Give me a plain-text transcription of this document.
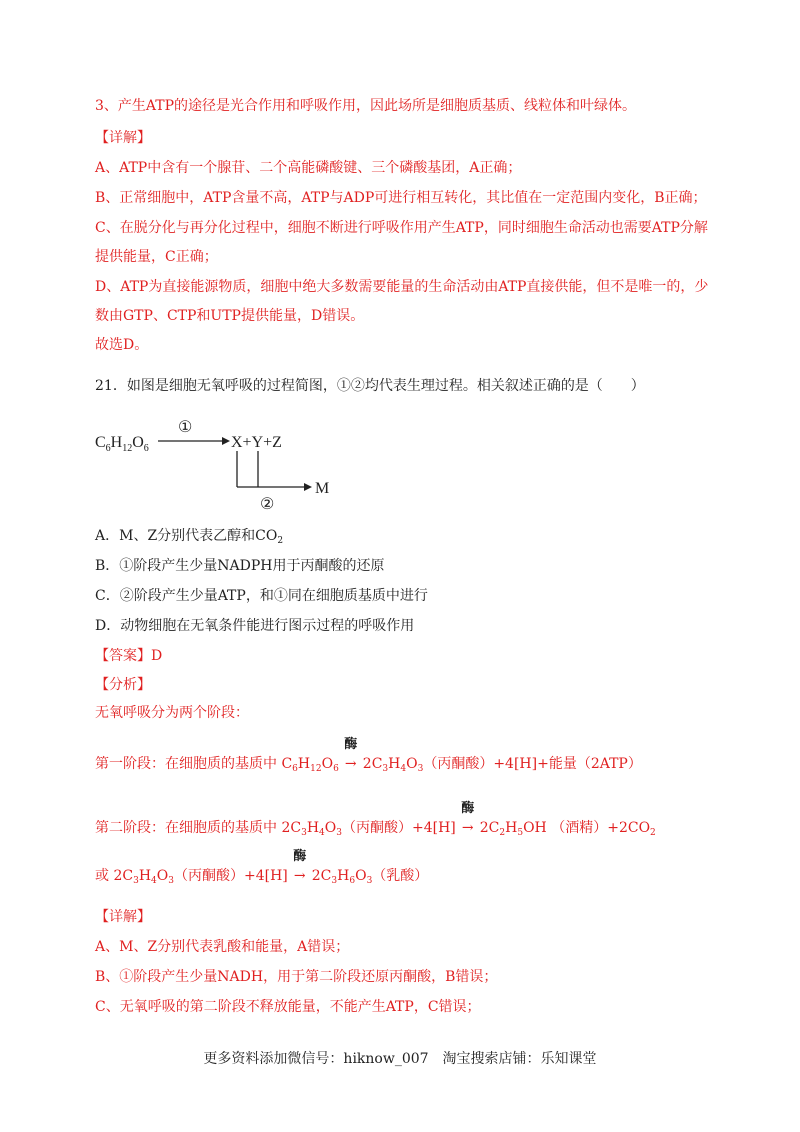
3、产生ATP的途径是光合作用和呼吸作用，因此场所是细胞质基质、线粒体和叶绿体。
【详解】
A、ATP中含有一个腺苷、二个高能磷酸键、三个磷酸基团，A正确；
B、正常细胞中，ATP含量不高，ATP与ADP可进行相互转化，其比值在一定范围内变化，B正确；
C、在脱分化与再分化过程中，细胞不断进行呼吸作用产生ATP，同时细胞生命活动也需要ATP分解
提供能量，C正确；
D、ATP为直接能源物质，细胞中绝大多数需要能量的生命活动由ATP直接供能，但不是唯一的，少
数由GTP、CTP和UTP提供能量，D错误。
故选D。
21．如图是细胞无氧呼吸的过程简图，①②均代表生理过程。相关叙述正确的是（　　）
$C_6H_{12}O_6$
①
X+Y+Z
②
M
A．M、Z分别代表乙醇和$CO_2$
B．①阶段产生少量NADPH用于丙酮酸的还原
C．②阶段产生少量ATP，和①同在细胞质基质中进行
D．动物细胞在无氧条件能进行图示过程的呼吸作用
【答案】D
【分析】
无氧呼吸分为两个阶段：
第一阶段：在细胞质的基质中 $C_6H_{12}O_6$
酶
→ $2C_3H_4O_3$（丙酮酸）+4[H]+能量（2ATP）
第二阶段：在细胞质的基质中 $2C_3H_4O_3$（丙酮酸）+4[H]
酶
→ $2C_2H_5OH$ （酒精）$+2CO_2$
或 $2C_3H_4O_3$（丙酮酸）+4[H]
酶
→ $2C_3H_6O_3$（乳酸）
【详解】
A、M、Z分别代表乳酸和能量，A错误；
B、①阶段产生少量NADH，用于第二阶段还原丙酮酸，B错误；
C、无氧呼吸的第二阶段不释放能量，不能产生ATP，C错误；
更多资料添加微信号：hiknow_007　淘宝搜索店铺：乐知课堂
